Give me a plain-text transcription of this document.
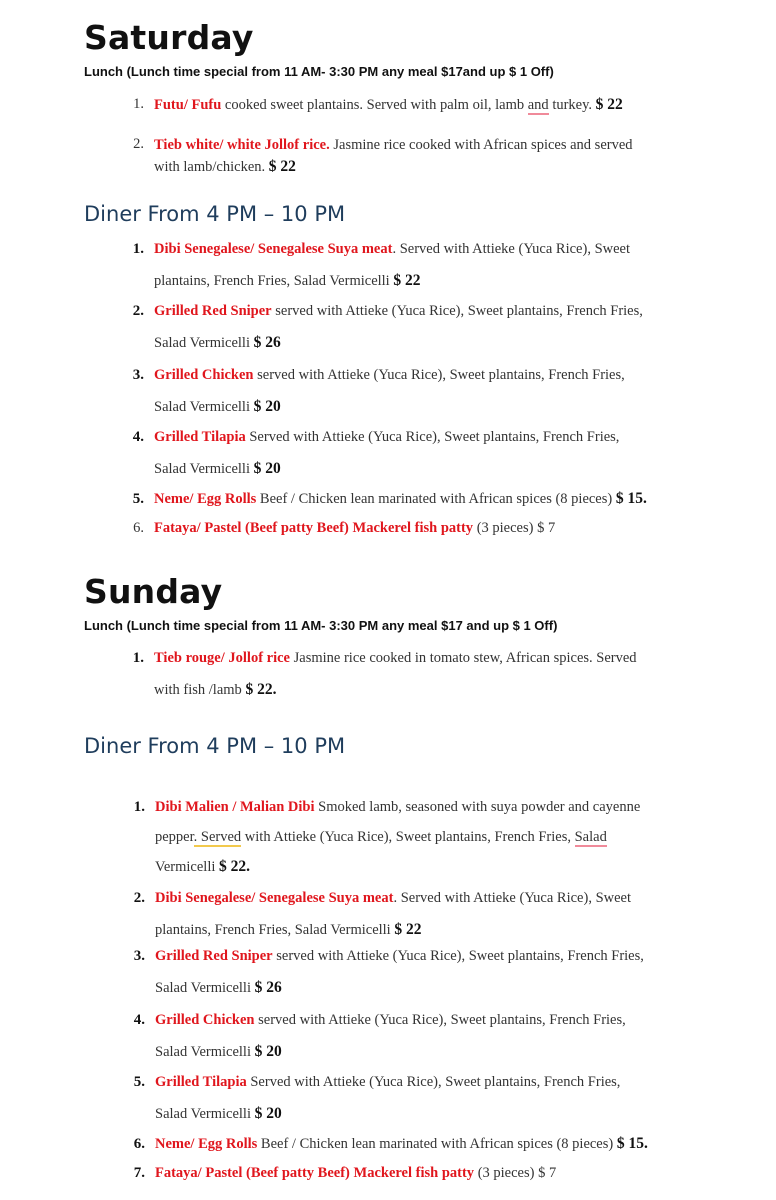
Saturday
Lunch (Lunch time special from 11 AM- 3:30 PM any meal $17and up $ 1 Off)
1. Futu/ Fufu cooked sweet plantains. Served with palm oil, lamb and turkey. $ 22
2. Tieb white/ white Jollof rice. Jasmine rice cooked with African spices and served
with lamb/chicken. $ 22
Diner From 4 PM – 10 PM
1. Dibi Senegalese/ Senegalese Suya meat. Served with Attieke (Yuca Rice), Sweet
plantains, French Fries, Salad Vermicelli $ 22
2. Grilled Red Sniper served with Attieke (Yuca Rice), Sweet plantains, French Fries,
Salad Vermicelli $ 26
3. Grilled Chicken served with Attieke (Yuca Rice), Sweet plantains, French Fries,
Salad Vermicelli $ 20
4. Grilled Tilapia Served with Attieke (Yuca Rice), Sweet plantains, French Fries,
Salad Vermicelli $ 20
5. Neme/ Egg Rolls Beef / Chicken lean marinated with African spices (8 pieces) $ 15.
6. Fataya/ Pastel (Beef patty Beef) Mackerel fish patty (3 pieces) $ 7
Sunday
Lunch (Lunch time special from 11 AM- 3:30 PM any meal $17 and up $ 1 Off)
1. Tieb rouge/ Jollof rice Jasmine rice cooked in tomato stew, African spices. Served
with fish /lamb $ 22.
Diner From 4 PM – 10 PM
1. Dibi Malien / Malian Dibi Smoked lamb, seasoned with suya powder and cayenne
pepper. Served with Attieke (Yuca Rice), Sweet plantains, French Fries, Salad
Vermicelli $ 22.
2. Dibi Senegalese/ Senegalese Suya meat. Served with Attieke (Yuca Rice), Sweet
plantains, French Fries, Salad Vermicelli $ 22
3. Grilled Red Sniper served with Attieke (Yuca Rice), Sweet plantains, French Fries,
Salad Vermicelli $ 26
4. Grilled Chicken served with Attieke (Yuca Rice), Sweet plantains, French Fries,
Salad Vermicelli $ 20
5. Grilled Tilapia Served with Attieke (Yuca Rice), Sweet plantains, French Fries,
Salad Vermicelli $ 20
6. Neme/ Egg Rolls Beef / Chicken lean marinated with African spices (8 pieces) $ 15.
7. Fataya/ Pastel (Beef patty Beef) Mackerel fish patty (3 pieces) $ 7
